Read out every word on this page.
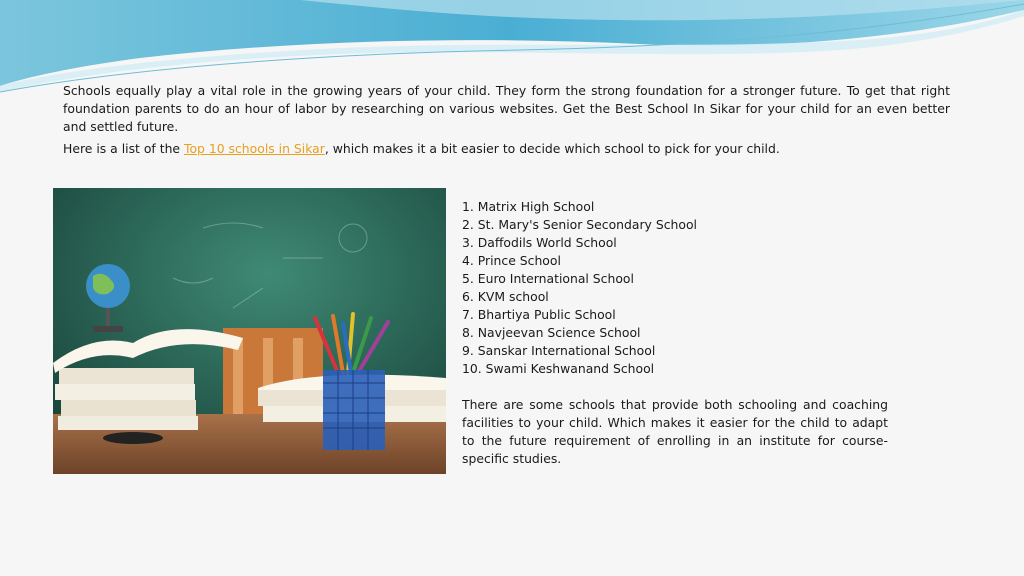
Schools equally play a vital role in the growing years of your child. They form the strong foundation for a stronger future. To get that right foundation parents to do an hour of labor by researching on various websites. Get the Best School In Sikar for your child for an even better and settled future.

Here is a list of the Top 10 schools in Sikar, which makes it a bit easier to decide which school to pick for your child.

1. Matrix High School
2. St. Mary's Senior Secondary School
3. Daffodils World School
4. Prince School
5. Euro International School
6. KVM school
7. Bhartiya Public School
8. Navjeevan Science School
9. Sanskar International School
10. Swami Keshwanand School

There are some schools that provide both schooling and coaching facilities to your child. Which makes it easier for the child to adapt to the future requirement of enrolling in an institute for course-specific studies.
